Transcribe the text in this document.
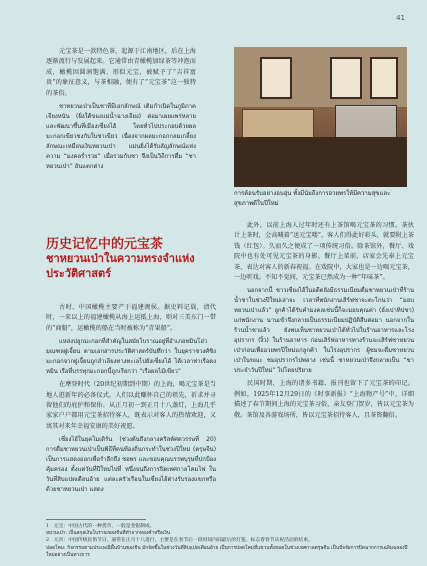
41

元宝茶是一款特色茶，起源于江南地区，后在上海逐渐流行与发展起来。它通常由青橄榄加绿茶等冲泡而成，橄榄因圆润饱满、形似元宝，被赋予了“吉祥富贵”的象征意义，与茶相融，便有了“元宝茶”这一独特的茶俗。

ชาหยวนเป่าเป็นชาที่มีเอกลักษณ์ เดิมกำเนิดในภูมิภาคเจียงหนัน (ฝั่งใต้ของแม่น้ำฉางเจียง) ต่อมาเผยแพร่หลายและพัฒนาขึ้นที่เมืองเซี่ยงไฮ้ โดยทั่วไปประกอบด้วยผลมะกอกเขียวชงกับใบชาเขียว เนื่องจากผลมะกอกกลมเกลี้ยง ลักษณะเหมือนเงินหยวนเป่า แม่นยิ่งได้รับสัญลักษณ์แห่งความ “มงคลร่ำรวย” เมื่อรวมกับชา จึงเป็นวิถีการดื่ม “ชาหยวนเป่า” อันแตกต่าง

การต้อนรับอย่างอบอุ่น ทั้งมีนัยถึงการอวยพรให้มีความสุขและสุขภาพดีในปีใหม่
历史记忆中的元宝茶
ชาหยวนเป่าในความทรงจำแห่งประวัติศาสตร์

古时，中国橄榄主要产于福建闽侯。据史料记载，清代时，一来以上的福建橄榄从海上运抵上海，则对三美东门一带的“商船”，运橄榄的船在当时被称为“青果船”。

แหล่งปลูกมะกอกที่สำคัญในสมัยโบราณอยู่ที่อำเภอหมินโฮ่ว มณฑลฝูเจี้ยน ตามเอกสารประวัติศาสตร์บันทึกว่า ในยุคราชวงศ์ชิง มะกอกจากฝูเจี้ยนถูกลำเลียงทางทะเลไปยังเซี่ยงไฮ้ ได้เวลาท่าเรือตงหมิน เรือที่บรรทุกมะกอกนี้ถูกเรียกว่า “เรือผลไม้เขียว”

在摩登时代（20世纪初期到中期）的上海，喝元宝茶是当地人逛新年的必备仪式。人们以此赚怀自己的祖先，祈求并寻留他们的庇护和保佑。从正月初一到正月十八蒸灯，上海几乎家家户户都用元宝茶招待客人，既表示对客人的热情欢迎，又寓其对来年幸福安康的美好祝愿。

เซี่ยงไฮ้ในยุคโมเดิร์น (ช่วงต้นถึงกลางคริสต์ศตวรรษที่ 20) การดื่มชาหยวนเป่าเป็นพิธีที่คนท้องถิ่นกระทำในช่วงปีใหม่ (ตรุษจีน) เป็นการแสดงออกเพื่อรำลึกถึง ชอพร และขอบคุณบรรพบุรุษที่ปกป้องคุ้มครอง ตั้งแต่วันที่ปีใหม่ไปที่ หนึ่งจนถึงการปิดเทศกาลโคมไฟ ในวันที่สิบแปดเดือนอ้าย แต่ละครัวเรือนในเซี่ยงไฮ้ต่างรับรองแขกหรือด้วยชาหยวนเป่า แสดง

此外，以前上海人过年时还有上茶馆喝元宝茶的习惯。茶伙计上茶时，会高喊着“送元宝喽”，客人们得此好彩头，就要附上茶钱（红包）。久而久之便成了一项传统习俗。除茶馆外，餐厅、戏院中也有处可见元宝茶的身影。餐厅上菜前，店家会先奉上元宝茶，表达对客人的新春祝福。在戏院中，大家也是一边喝元宝茶，一边听戏。不知不觉间，元宝茶已然成为一种“年味茶”。

นอกจากนี้ ชาวเซี่ยงไฮ้ในอดีตยังมีธรรมเนียมดื่มชาหยวนเป่าที่ร้านน้ำชาในช่วงปีใหม่เล่าจะ เวลาที่พนักงานเสิร์ฟชาจะตะโกนว่า “มอบหยวนเป่าแล้ว” ลูกค้าได้รับคำมงคลเช่นนี้ก็จะมอบคุณค่า (อั่งเปาทิปชา) แก่พนักงาน นานเข้าจึงกลายเป็นธรรมเนียมปฏิบัติสืบต่อมา นอกจากในร้านน้ำชาแล้ว ยังพบเห็นชาหยวนเป่าได้ทั่วไปในร้านอาหารและโรงอุปรากร (งิ้ว) ในร้านอาหาร ก่อนเสิร์ฟอาหารทางร้านจะเสิร์ฟชาหยวนเป่าก่อนเพื่ออวยพรปีใหม่แก่ลูกค้า ในโรงอุปรากร ผู้ชมจะดื่มชาหยวนเป่าในขณะ ชมอุปรากรไปพลาง เช่นนี้ ชาหยวนเป่าจึงกลายเป็น “ชาประจำวันปีใหม่” ไปโดยปริยาย

民国时期，上海的诸多书籍、报刊也留下了元宝茶的印记。例如，1925年12月29日的《时事新报》“上海物产号”中，详细描述了春节期间上海的元宝茶习俗，亲友登门贺岁，皆以元宝茶为敬。茶馆及各游戏场所，皆以元宝茶招待客人，且茶资翻倍。

1　元宝：中国古代的一种货币，一般是金银制成。

หยวนเป่า: เป็นสกุลเงินโบราณของจีนที่ทำจากทองคำหรือเงิน

2　元宵：中国传统民俗节日，通常在正月十八进行，主要是在春节后一段时间内间最后的灯笼、标志着春节庆祝活动的结束。

ปลดโคม: กิจกรรมตามประเพณีพื้นบ้านของจีน มักจัดขึ้นในช่วงวันที่สิบแปดเดือนอ้าย เป็นการปลดโคมที่แขวนทั้งหมดในช่วงเทศกาลตรุษจีน เป็นปัจจัยการปิดฉากการเฉลิมฉลองปีใหม่อย่างเป็นทางการ
